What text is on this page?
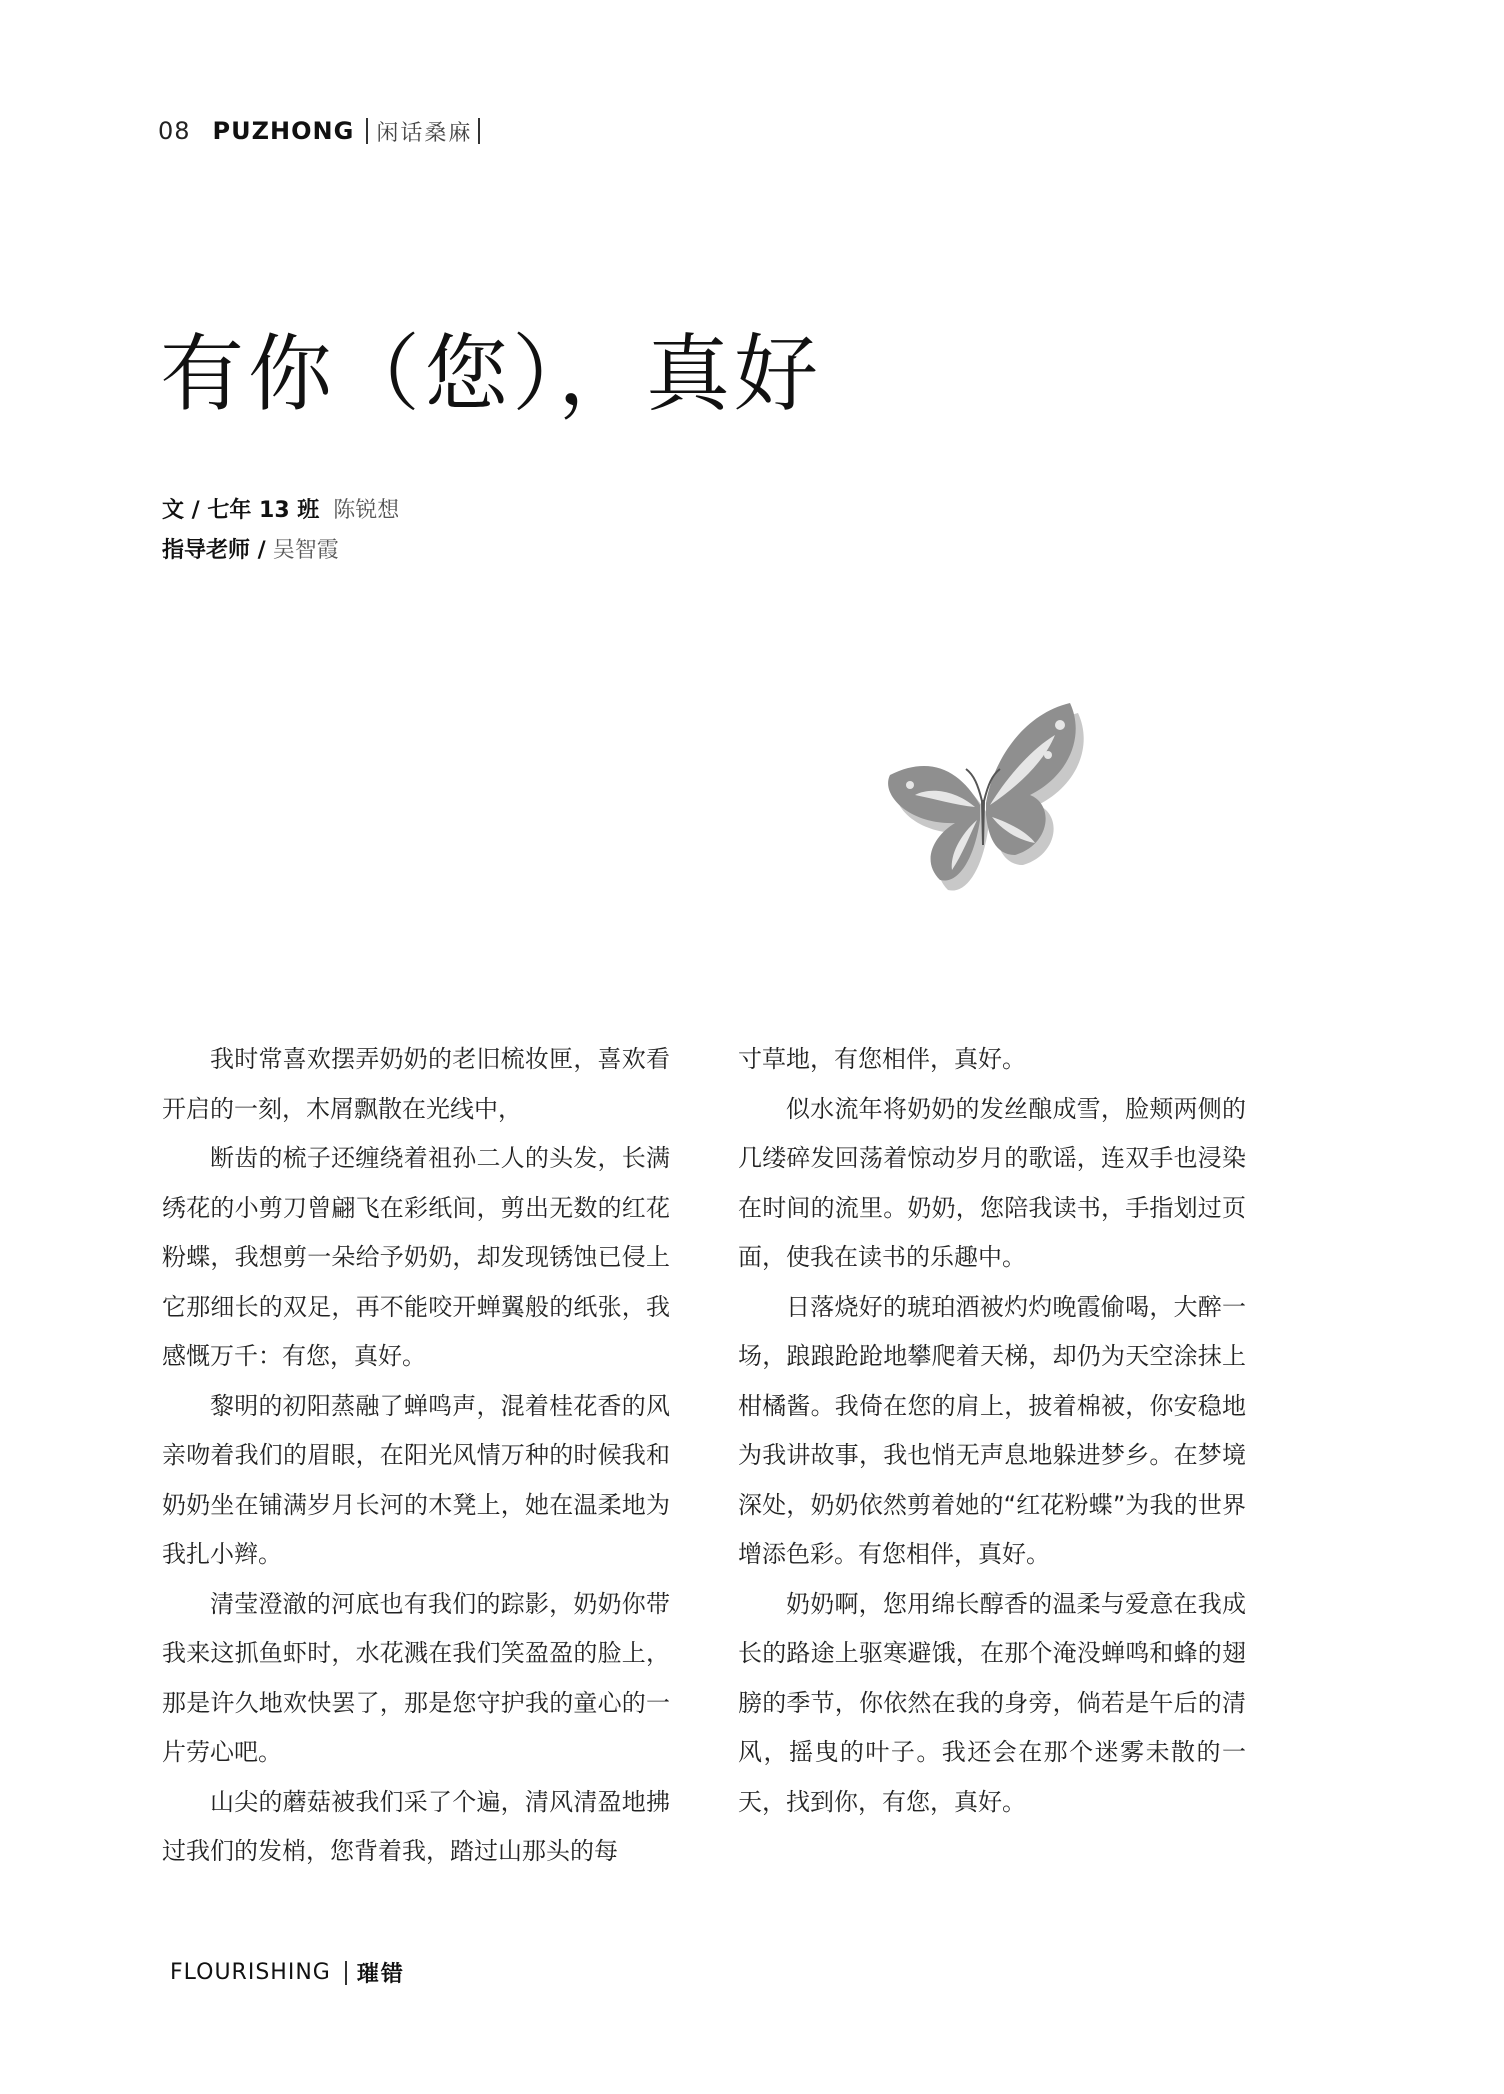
08 PUZHONG 闲话桑麻
有你（您），真好
文 / 七年 13 班 陈锐想
指导老师 / 吴智霞

我时常喜欢摆弄奶奶的老旧梳妆匣，喜欢看开启的一刻，木屑飘散在光线中，

断齿的梳子还缠绕着祖孙二人的头发，长满绣花的小剪刀曾翩飞在彩纸间，剪出无数的红花粉蝶，我想剪一朵给予奶奶，却发现锈蚀已侵上它那细长的双足，再不能咬开蝉翼般的纸张，我感慨万千：有您，真好。

黎明的初阳蒸融了蝉鸣声，混着桂花香的风亲吻着我们的眉眼，在阳光风情万种的时候我和奶奶坐在铺满岁月长河的木凳上，她在温柔地为我扎小辫。

清莹澄澈的河底也有我们的踪影，奶奶你带我来这抓鱼虾时，水花溅在我们笑盈盈的脸上，那是许久地欢快罢了，那是您守护我的童心的一片劳心吧。

山尖的蘑菇被我们采了个遍，清风清盈地拂过我们的发梢，您背着我，踏过山那头的每

寸草地，有您相伴，真好。

似水流年将奶奶的发丝酿成雪，脸颊两侧的几缕碎发回荡着惊动岁月的歌谣，连双手也浸染在时间的流里。奶奶，您陪我读书，手指划过页面，使我在读书的乐趣中。

日落烧好的琥珀酒被灼灼晚霞偷喝，大醉一场，踉踉跄跄地攀爬着天梯，却仍为天空涂抹上柑橘酱。我倚在您的肩上，披着棉被，你安稳地为我讲故事，我也悄无声息地躲进梦乡。在梦境深处，奶奶依然剪着她的“红花粉蝶”为我的世界增添色彩。有您相伴，真好。

奶奶啊，您用绵长醇香的温柔与爱意在我成长的路途上驱寒避饿，在那个淹没蝉鸣和蜂的翅膀的季节，你依然在我的身旁，倘若是午后的清风，摇曳的叶子。我还会在那个迷雾未散的一天，找到你，有您，真好。

FLOURISHING 璀错
